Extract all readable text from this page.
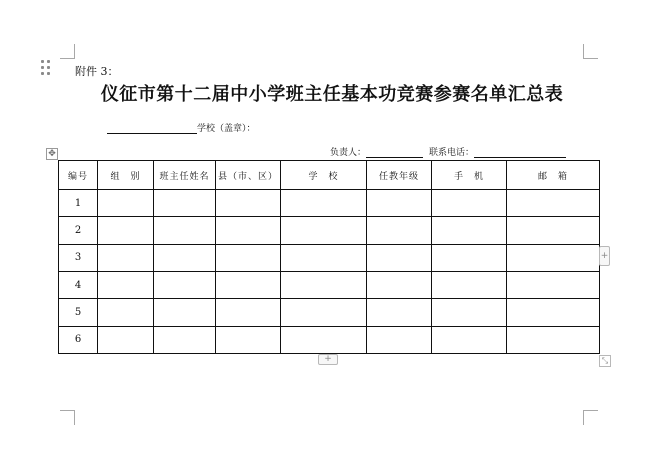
附件 3：
仪征市第十二届中小学班主任基本功竞赛参赛名单汇总表
学校（盖章）：
负责人：	联系电话：
✥
编号	组　别	班主任姓名	县（市、区）	学　校	任教年级	手　机	邮　箱
1							
2							
3							
4							
5							
6							
+
+
⤡
